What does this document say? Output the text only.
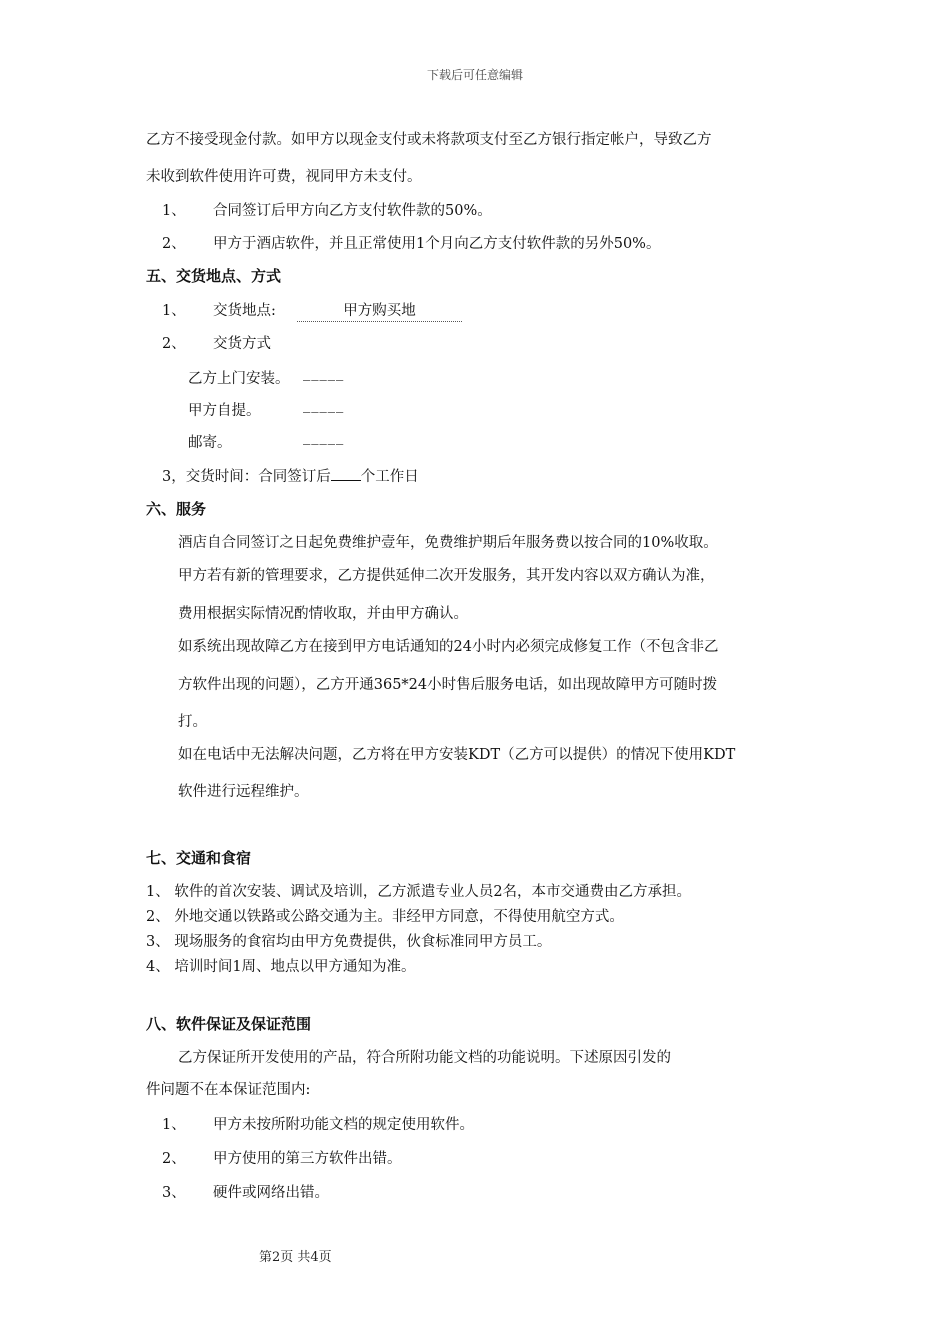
下载后可任意编辑
乙方不接受现金付款。如甲方以现金支付或未将款项支付至乙方银行指定帐户，导致乙方
未收到软件使用许可费，视同甲方未支付。
1、 合同签订后甲方向乙方支付软件款的50%。
2、 甲方于酒店软件，并且正常使用1个月向乙方支付软件款的另外50%。
五、交货地点、方式
1、 交货地点:	甲方购买地
2、 交货方式
乙方上门安装。 _____
甲方自提。	_____
邮寄。	_____
3，交货时间：合同签订后 个工作日
六、服务
酒店自合同签订之日起免费维护壹年，免费维护期后年服务费以按合同的10%收取。
甲方若有新的管理要求，乙方提供延伸二次开发服务，其开发内容以双方确认为准，
费用根据实际情况酌情收取，并由甲方确认。
如系统出现故障乙方在接到甲方电话通知的24小时内必须完成修复工作（不包含非乙
方软件出现的问题），乙方开通365*24小时售后服务电话，如出现故障甲方可随时拨
打。
如在电话中无法解决问题，乙方将在甲方安装KDT（乙方可以提供）的情况下使用KDT
软件进行远程维护。
七、交通和食宿
1、 软件的首次安装、调试及培训，乙方派遣专业人员2名，本市交通费由乙方承担。
2、 外地交通以铁路或公路交通为主。非经甲方同意，不得使用航空方式。
3、 现场服务的食宿均由甲方免费提供，伙食标准同甲方员工。
4、 培训时间1周、地点以甲方通知为准。
八、软件保证及保证范围
乙方保证所开发使用的产品，符合所附功能文档的功能说明。下述原因引发的
件问题不在本保证范围内:
1、 甲方未按所附功能文档的规定使用软件。
2、 甲方使用的第三方软件出错。
3、 硬件或网络出错。
第2页 共4页
